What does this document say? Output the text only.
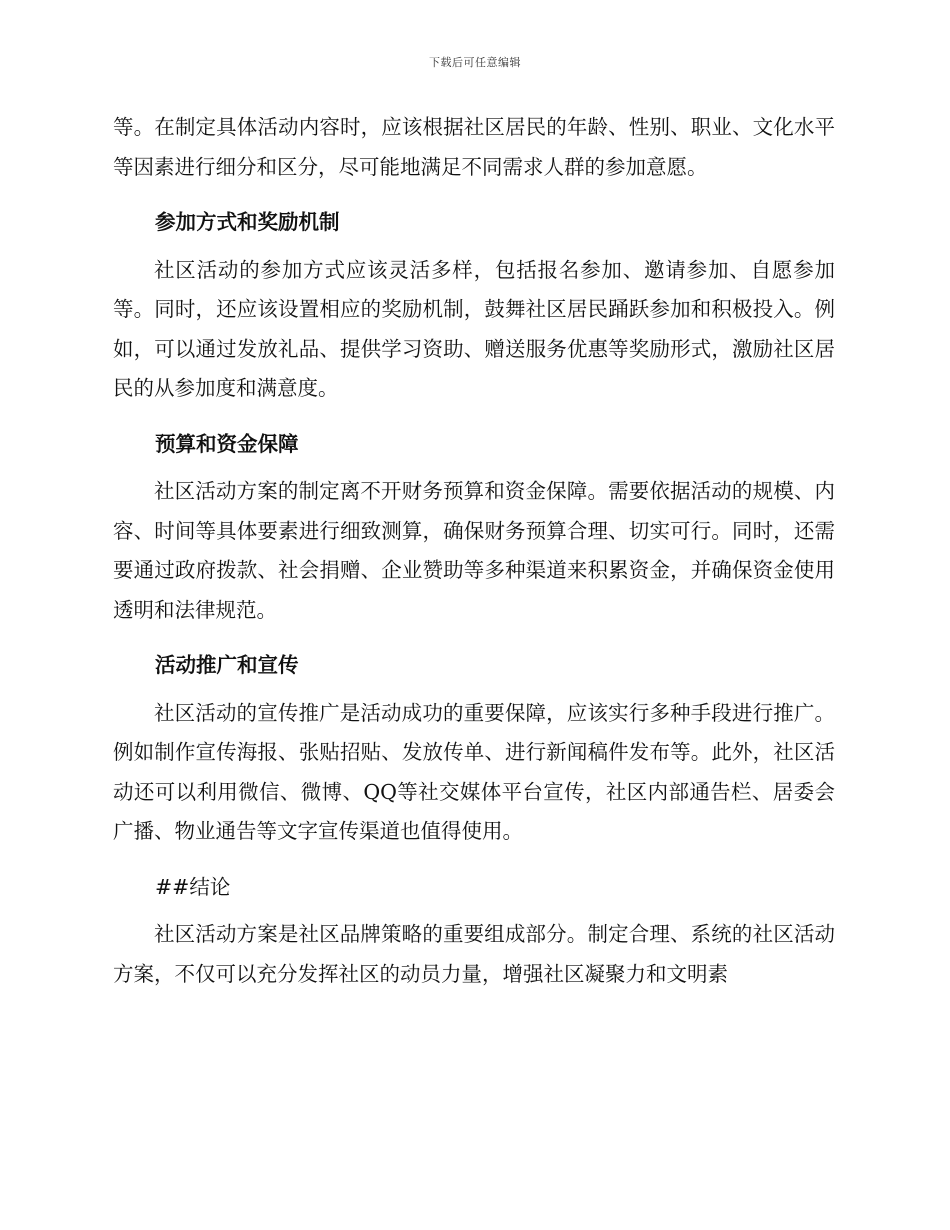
下载后可任意编辑

等。在制定具体活动内容时，应该根据社区居民的年龄、性别、职业、文化水平等因素进行细分和区分，尽可能地满足不同需求人群的参加意愿。

参加方式和奖励机制

社区活动的参加方式应该灵活多样，包括报名参加、邀请参加、自愿参加等。同时，还应该设置相应的奖励机制，鼓舞社区居民踊跃参加和积极投入。例如，可以通过发放礼品、提供学习资助、赠送服务优惠等奖励形式，激励社区居民的从参加度和满意度。

预算和资金保障

社区活动方案的制定离不开财务预算和资金保障。需要依据活动的规模、内容、时间等具体要素进行细致测算，确保财务预算合理、切实可行。同时，还需要通过政府拨款、社会捐赠、企业赞助等多种渠道来积累资金，并确保资金使用透明和法律规范。

活动推广和宣传

社区活动的宣传推广是活动成功的重要保障，应该实行多种手段进行推广。例如制作宣传海报、张贴招贴、发放传单、进行新闻稿件发布等。此外，社区活动还可以利用微信、微博、QQ等社交媒体平台宣传，社区内部通告栏、居委会广播、物业通告等文字宣传渠道也值得使用。

##结论

社区活动方案是社区品牌策略的重要组成部分。制定合理、系统的社区活动方案，不仅可以充分发挥社区的动员力量，增强社区凝聚力和文明素
